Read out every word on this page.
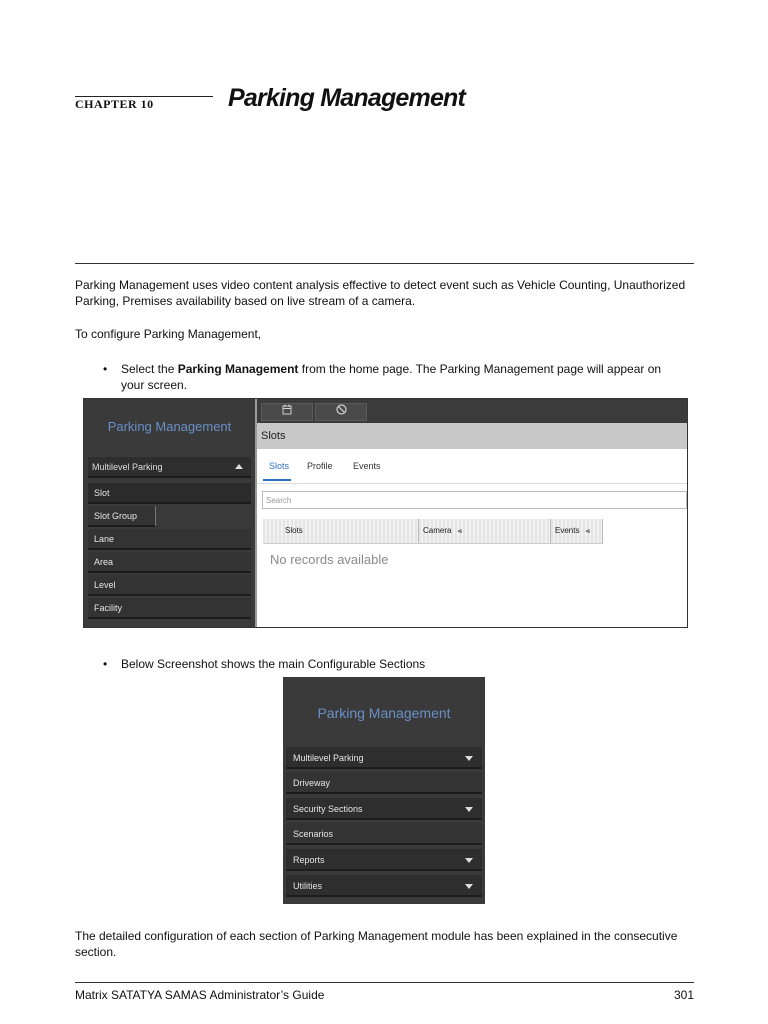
CHAPTER 10	Parking Management
Parking Management uses video content analysis effective to detect event such as Vehicle Counting, Unauthorized Parking, Premises availability based on live stream of a camera.
To configure Parking Management,
• Select the Parking Management from the home page. The Parking Management page will appear on your screen.
Parking Management
Multilevel Parking
Slot
Slot Group
Lane
Area
Level
Facility
Slots
Slots Profile Events
Search
Slots	Camera ⩹	Events ⩹
No records available
• Below Screenshot shows the main Configurable Sections
Parking Management
Multilevel Parking
Driveway
Security Sections
Scenarios
Reports
Utilities
The detailed configuration of each section of Parking Management module has been explained in the consecutive section.
Matrix SATATYA SAMAS Administrator’s Guide	301
